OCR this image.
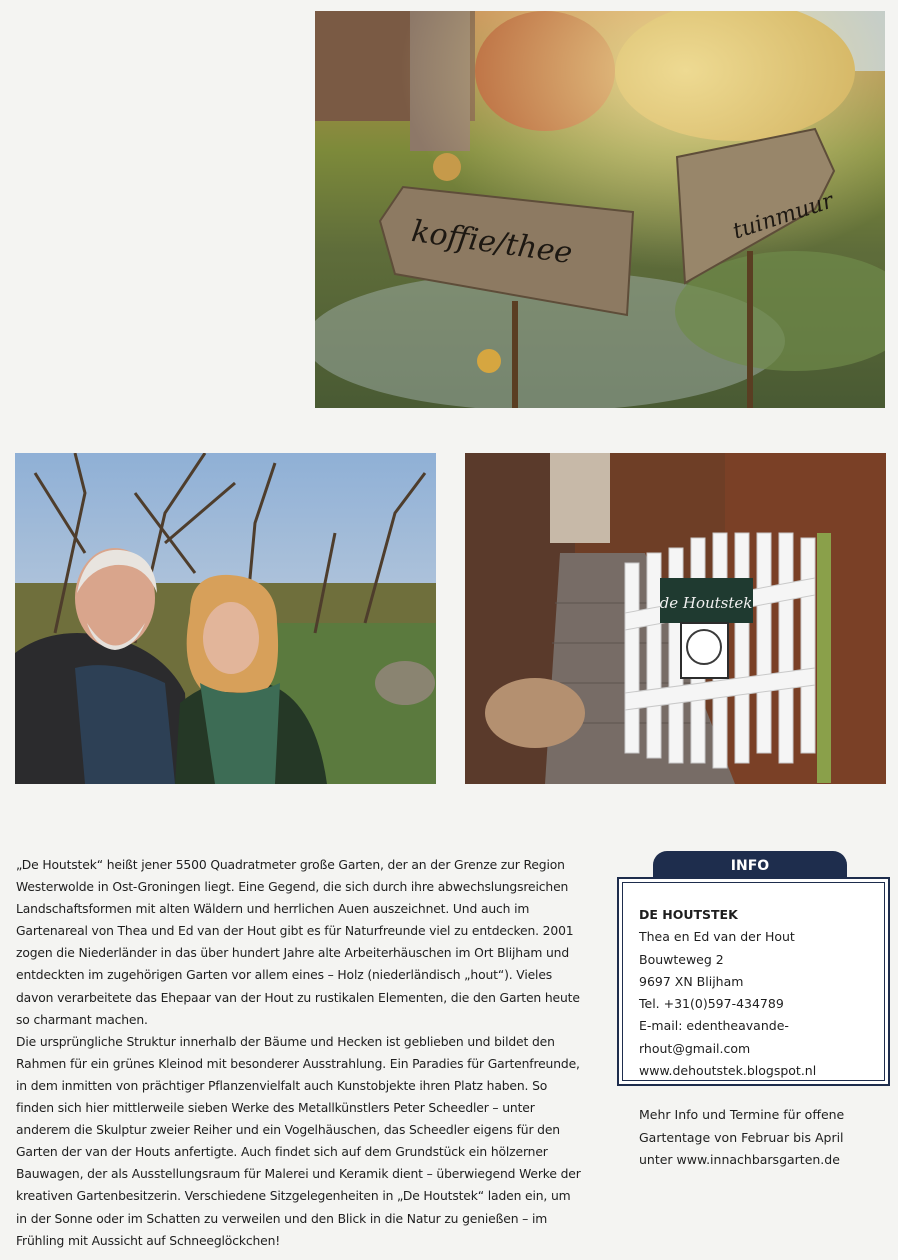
koffie/thee	tuinmuur
de Houtstek

„De Houtstek“ heißt jener 5500 Quadratmeter große Garten, der an der Grenze zur Region Westerwolde in Ost-Groningen liegt. Eine Gegend, die sich durch ihre abwechslungsreichen Landschaftsformen mit alten Wäldern und herrlichen Auen auszeichnet. Und auch im Gartenareal von Thea und Ed van der Hout gibt es für Naturfreunde viel zu entdecken. 2001 zogen die Niederländer in das über hundert Jahre alte Arbeiterhäuschen im Ort Blijham und entdeckten im zugehörigen Garten vor allem eines – Holz (niederländisch „hout“). Vieles davon verarbeitete das Ehepaar van der Hout zu rustikalen Elementen, die den Garten heute so charmant machen.

Die ursprüngliche Struktur innerhalb der Bäume und Hecken ist geblieben und bildet den Rahmen für ein grünes Kleinod mit besonderer Ausstrahlung. Ein Paradies für Gartenfreunde, in dem inmitten von prächtiger Pflanzenvielfalt auch Kunstobjekte ihren Platz haben. So finden sich hier mittlerweile sieben Werke des Metallkünstlers Peter Scheedler – unter anderem die Skulptur zweier Reiher und ein Vogelhäuschen, das Scheedler eigens für den Garten der van der Houts anfertigte. Auch findet sich auf dem Grundstück ein hölzerner Bauwagen, der als Ausstellungsraum für Malerei und Keramik dient – überwiegend Werke der kreativen Gartenbesitzerin. Verschiedene Sitzgelegenheiten in „De Houtstek“ laden ein, um in der Sonne oder im Schatten zu verweilen und den Blick in die Natur zu genießen – im Frühling mit Aussicht auf Schneeglöckchen!

INFO
DE HOUTSTEK
Thea en Ed van der Hout
Bouwteweg 2
9697 XN Blijham
Tel. +31(0)597-434789
E-mail: edentheavande-
rhout@gmail.com
www.dehoutstek.blogspot.nl
Mehr Info und Termine für offene
Gartentage von Februar bis April
unter www.innachbarsgarten.de
